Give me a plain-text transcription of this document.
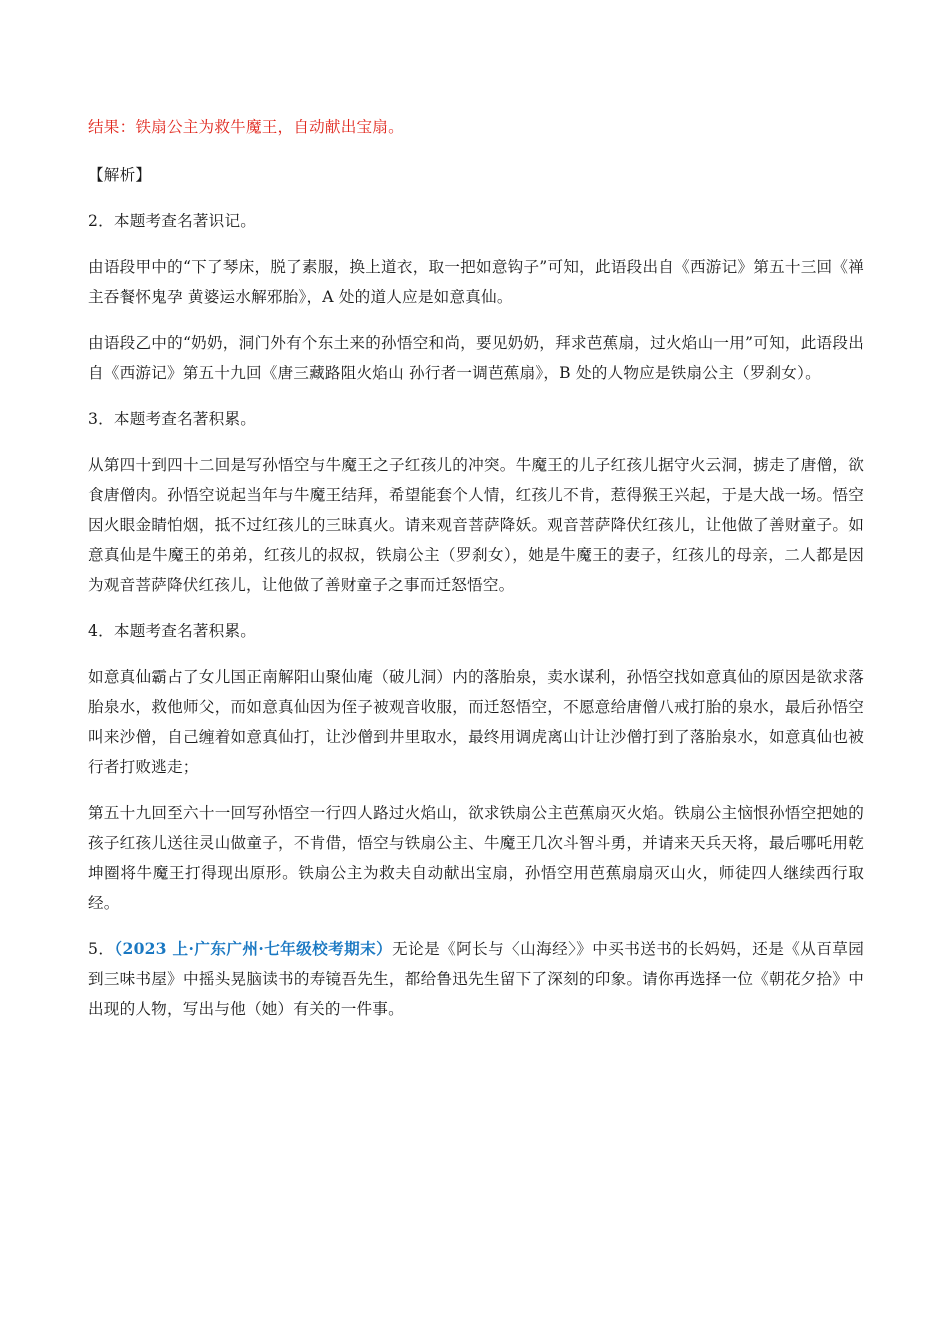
结果：铁扇公主为救牛魔王，自动献出宝扇。

【解析】

2．本题考查名著识记。

由语段甲中的“下了琴床，脱了素服，换上道衣，取一把如意钩子”可知，此语段出自《西游记》第五十三回《禅主吞餐怀鬼孕 黄婆运水解邪胎》，A 处的道人应是如意真仙。

由语段乙中的“奶奶，洞门外有个东土来的孙悟空和尚，要见奶奶，拜求芭蕉扇，过火焰山一用”可知，此语段出自《西游记》第五十九回《唐三藏路阻火焰山 孙行者一调芭蕉扇》，B 处的人物应是铁扇公主（罗刹女）。

3．本题考查名著积累。

从第四十到四十二回是写孙悟空与牛魔王之子红孩儿的冲突。牛魔王的儿子红孩儿据守火云洞，掳走了唐僧，欲食唐僧肉。孙悟空说起当年与牛魔王结拜，希望能套个人情，红孩儿不肯，惹得猴王兴起，于是大战一场。悟空因火眼金睛怕烟，抵不过红孩儿的三昧真火。请来观音菩萨降妖。观音菩萨降伏红孩儿，让他做了善财童子。如意真仙是牛魔王的弟弟，红孩儿的叔叔，铁扇公主（罗刹女），她是牛魔王的妻子，红孩儿的母亲，二人都是因为观音菩萨降伏红孩儿，让他做了善财童子之事而迁怒悟空。

4．本题考查名著积累。

如意真仙霸占了女儿国正南解阳山聚仙庵（破儿洞）内的落胎泉，卖水谋利，孙悟空找如意真仙的原因是欲求落胎泉水，救他师父，而如意真仙因为侄子被观音收服，而迁怒悟空，不愿意给唐僧八戒打胎的泉水，最后孙悟空叫来沙僧，自己缠着如意真仙打，让沙僧到井里取水，最终用调虎离山计让沙僧打到了落胎泉水，如意真仙也被行者打败逃走；

第五十九回至六十一回写孙悟空一行四人路过火焰山，欲求铁扇公主芭蕉扇灭火焰。铁扇公主恼恨孙悟空把她的孩子红孩儿送往灵山做童子，不肯借，悟空与铁扇公主、牛魔王几次斗智斗勇，并请来天兵天将，最后哪吒用乾坤圈将牛魔王打得现出原形。铁扇公主为救夫自动献出宝扇，孙悟空用芭蕉扇扇灭山火，师徒四人继续西行取经。

5．（2023 上·广东广州·七年级校考期末）无论是《阿长与〈山海经〉》中买书送书的长妈妈，还是《从百草园到三味书屋》中摇头晃脑读书的寿镜吾先生，都给鲁迅先生留下了深刻的印象。请你再选择一位《朝花夕拾》中出现的人物，写出与他（她）有关的一件事。
